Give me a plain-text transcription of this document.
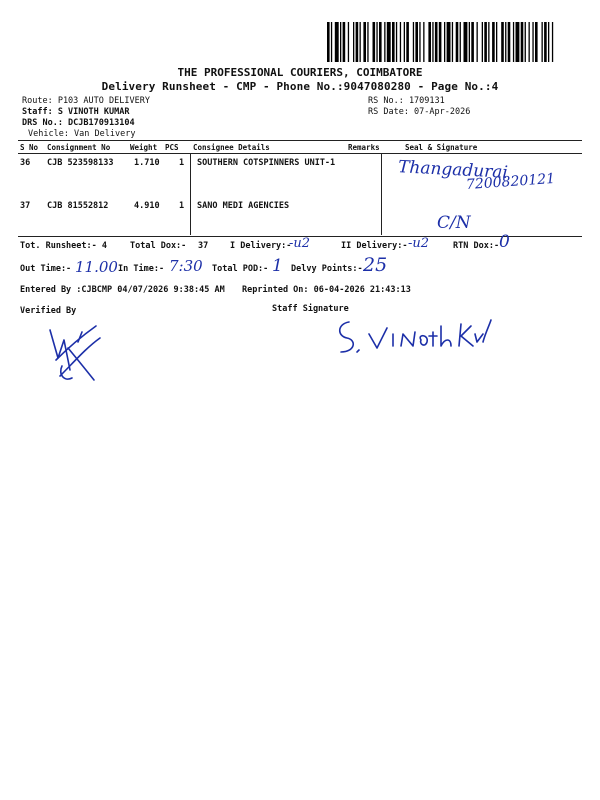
THE PROFESSIONAL COURIERS, COIMBATORE
Delivery Runsheet - CMP - Phone No.:9047080280 - Page No.:4
Route: P103 AUTO DELIVERY
Staff: S VINOTH KUMAR
DRS No.: DCJB170913104
Vehicle: Van Delivery
RS No.: 1709131
RS Date: 07-Apr-2026
S No Consignment No	Weight PCS Consignee Details	Remarks	Seal & Signature
36 CJB 523598133 1.710 1 SOUTHERN COTSPINNERS UNIT-1
37 CJB 81552812	4.910 1 SANO MEDI AGENCIES
Thangadurai
7200820121
C/N
Tot. Runsheet:- 4	Total Dox:- 37	I Delivery:-
-u2	II Delivery:- -u2	RTN Dox:- 0
Out Time:- 11.00 In Time:- 7:30 Total POD:- 1 Delvy Points:- 25
Entered By :CJBCMP 04/07/2026 9:38:45 AM Reprinted On: 06-04-2026 21:43:13
Verified By	Staff Signature
